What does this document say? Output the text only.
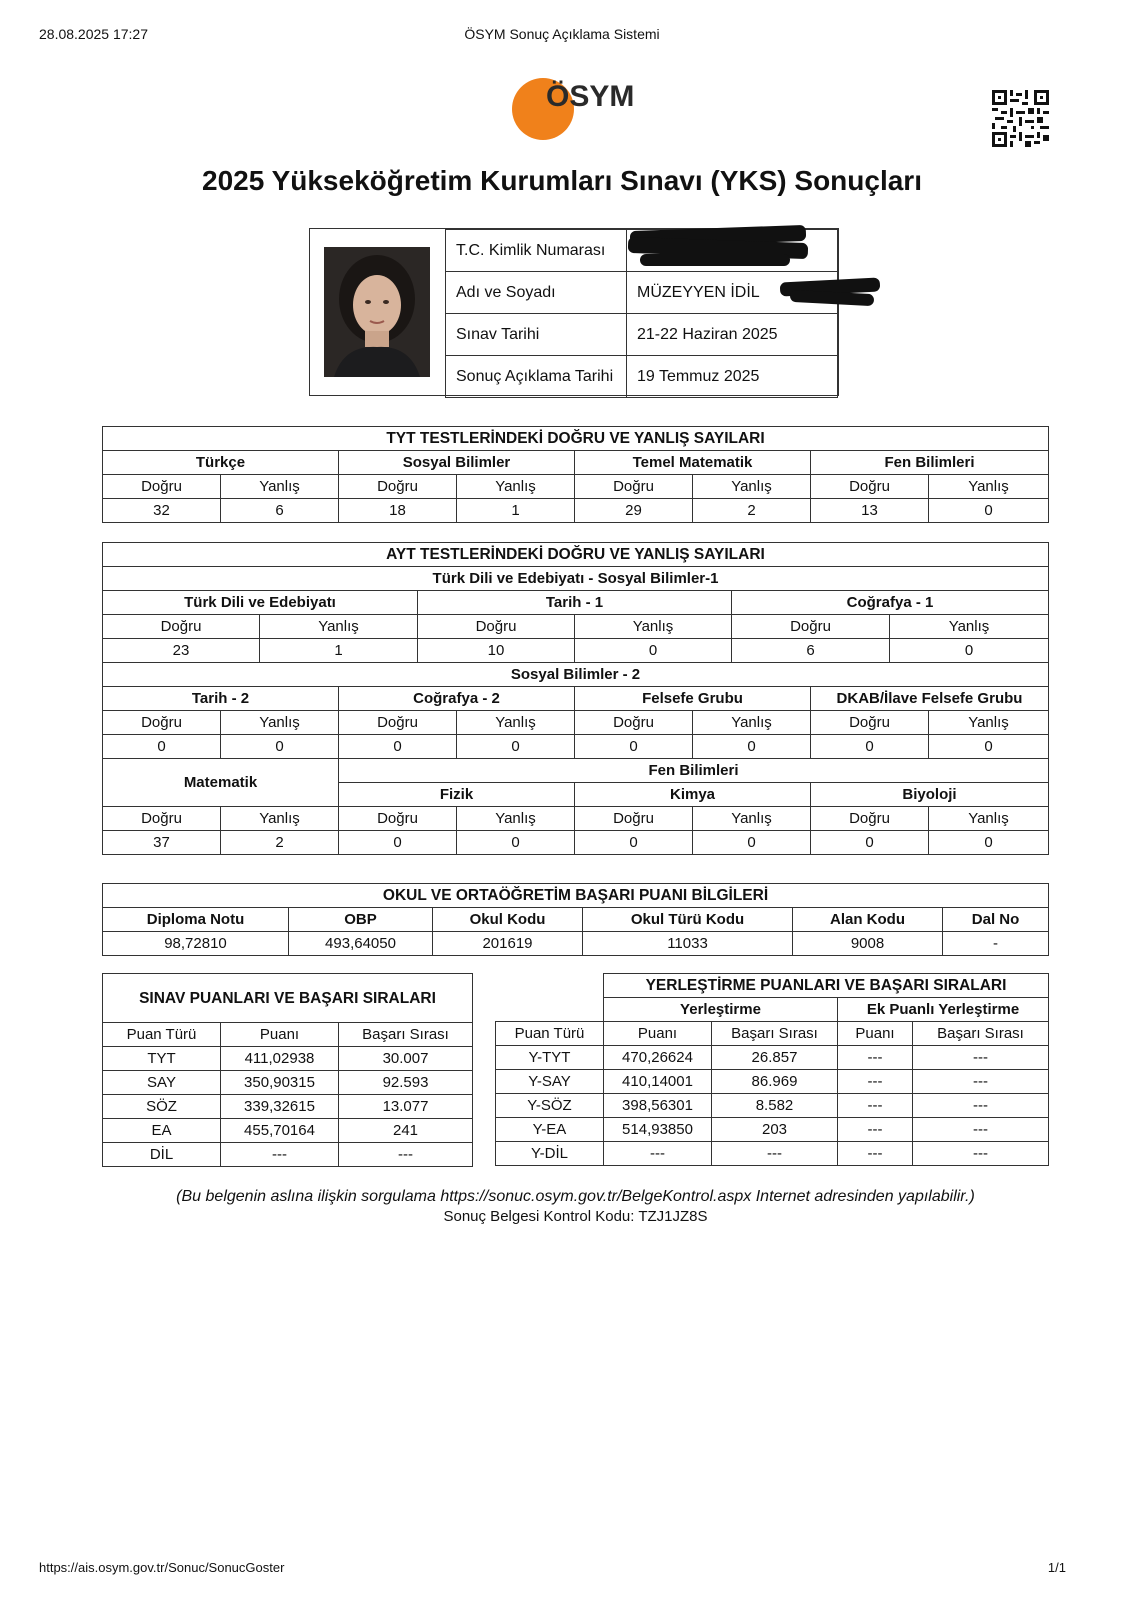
28.08.2025 17:27	ÖSYM Sonuç Açıklama Sistemi
ÖSYM
2025 Yükseköğretim Kurumları Sınavı (YKS) Sonuçları
T.C. Kimlik Numarası	
Adı ve Soyadı	MÜZEYYEN İDİL
Sınav Tarihi	21-22 Haziran 2025
Sonuç Açıklama Tarihi	19 Temmuz 2025
TYT TESTLERİNDEKİ DOĞRU VE YANLIŞ SAYILARI							
Türkçe		Sosyal Bilimler		Temel Matematik		Fen Bilimleri	
Doğru	Yanlış	Doğru	Yanlış	Doğru	Yanlış	Doğru	Yanlış
32	6	18	1	29	2	13	0
AYT TESTLERİNDEKİ DOĞRU VE YANLIŞ SAYILARI											
Türk Dili ve Edebiyatı - Sosyal Bilimler-1											
Türk Dili ve Edebiyatı				Tarih - 1				Coğrafya - 1			
Doğru		Yanlış		Doğru		Yanlış		Doğru		Yanlış	
23		1		10		0		6		0	
Sosyal Bilimler - 2											
Tarih - 2			Coğrafya - 2			Felsefe Grubu			DKAB/İlave Felsefe Grubu		
Doğru	Yanlış		Doğru		Yanlış	Doğru	Yanlış		Doğru		Yanlış
0	0		0		0	0	0		0		0
Matematik			Fen Bilimleri								
			Fizik			Kimya			Biyoloji		
Doğru	Yanlış		Doğru		Yanlış	Doğru	Yanlış		Doğru		Yanlış
37	2		0		0	0	0		0		0
OKUL VE ORTAÖĞRETİM BAŞARI PUANI BİLGİLERİ					
Diploma Notu	OBP	Okul Kodu	Okul Türü Kodu	Alan Kodu	Dal No
98,72810	493,64050	201619	11033	9008	-
SINAV PUANLARI VE BAŞARI SIRALARI		
Puan Türü	Puanı	Başarı Sırası
TYT	411,02938	30.007
SAY	350,90315	92.593
SÖZ	339,32615	13.077
EA	455,70164	241
DİL	---	---
	YERLEŞTİRME PUANLARI VE BAŞARI SIRALARI			
	Yerleştirme		Ek Puanlı Yerleştirme	
Puan Türü	Puanı	Başarı Sırası	Puanı	Başarı Sırası
Y-TYT	470,26624	26.857	---	---
Y-SAY	410,14001	86.969	---	---
Y-SÖZ	398,56301	8.582	---	---
Y-EA	514,93850	203	---	---
Y-DİL	---	---	---	---
(Bu belgenin aslına ilişkin sorgulama https://sonuc.osym.gov.tr/BelgeKontrol.aspx Internet adresinden yapılabilir.)
Sonuç Belgesi Kontrol Kodu: TZJ1JZ8S
https://ais.osym.gov.tr/Sonuc/SonucGoster	1/1
